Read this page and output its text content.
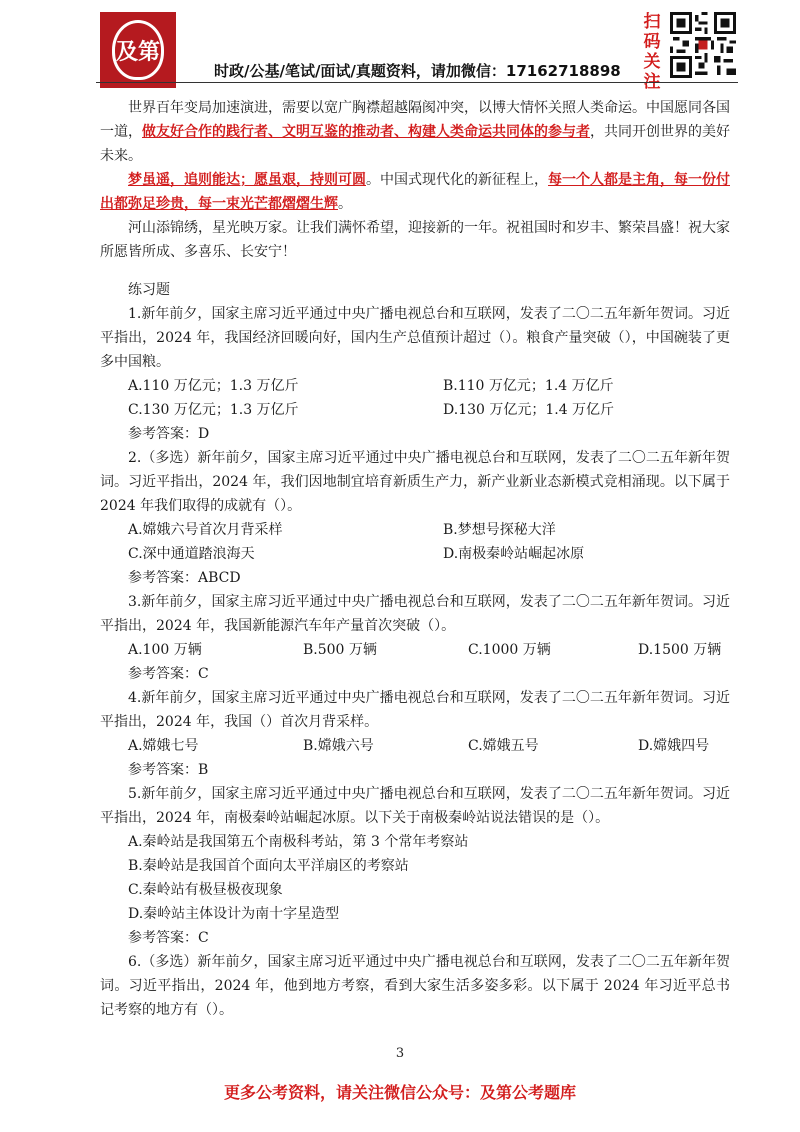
及第
时政/公基/笔试/面试/真题资料，请加微信：17162718898
扫码关注

世界百年变局加速演进，需要以宽广胸襟超越隔阂冲突，以博大情怀关照人类命运。中国愿同各国一道，做友好合作的践行者、文明互鉴的推动者、构建人类命运共同体的参与者，共同开创世界的美好未来。

梦虽遥，追则能达；愿虽艰，持则可圆。中国式现代化的新征程上，每一个人都是主角，每一份付出都弥足珍贵，每一束光芒都熠熠生辉。

河山添锦绣，星光映万家。让我们满怀希望，迎接新的一年。祝祖国时和岁丰、繁荣昌盛！祝大家所愿皆所成、多喜乐、长安宁！

练习题

1.新年前夕，国家主席习近平通过中央广播电视总台和互联网，发表了二〇二五年新年贺词。习近平指出，2024 年，我国经济回暖向好，国内生产总值预计超过（）。粮食产量突破（），中国碗装了更多中国粮。

A.110 万亿元；1.3 万亿斤	B.110 万亿元；1.4 万亿斤
C.130 万亿元；1.3 万亿斤	D.130 万亿元；1.4 万亿斤

参考答案：D

2.（多选）新年前夕，国家主席习近平通过中央广播电视总台和互联网，发表了二〇二五年新年贺词。习近平指出，2024 年，我们因地制宜培育新质生产力，新产业新业态新模式竞相涌现。以下属于 2024 年我们取得的成就有（）。

A.嫦娥六号首次月背采样	B.梦想号探秘大洋
C.深中通道踏浪海天	D.南极秦岭站崛起冰原

参考答案：ABCD

3.新年前夕，国家主席习近平通过中央广播电视总台和互联网，发表了二〇二五年新年贺词。习近平指出，2024 年，我国新能源汽车年产量首次突破（）。

A.100 万辆	B.500 万辆	C.1000 万辆	D.1500 万辆

参考答案：C

4.新年前夕，国家主席习近平通过中央广播电视总台和互联网，发表了二〇二五年新年贺词。习近平指出，2024 年，我国（）首次月背采样。

A.嫦娥七号	B.嫦娥六号	C.嫦娥五号	D.嫦娥四号

参考答案：B

5.新年前夕，国家主席习近平通过中央广播电视总台和互联网，发表了二〇二五年新年贺词。习近平指出，2024 年，南极秦岭站崛起冰原。以下关于南极秦岭站说法错误的是（）。

A.秦岭站是我国第五个南极科考站，第 3 个常年考察站

B.秦岭站是我国首个面向太平洋扇区的考察站

C.秦岭站有极昼极夜现象

D.秦岭站主体设计为南十字星造型

参考答案：C

6.（多选）新年前夕，国家主席习近平通过中央广播电视总台和互联网，发表了二〇二五年新年贺词。习近平指出，2024 年，他到地方考察，看到大家生活多姿多彩。以下属于 2024 年习近平总书记考察的地方有（）。

3
更多公考资料，请关注微信公众号：及第公考题库
